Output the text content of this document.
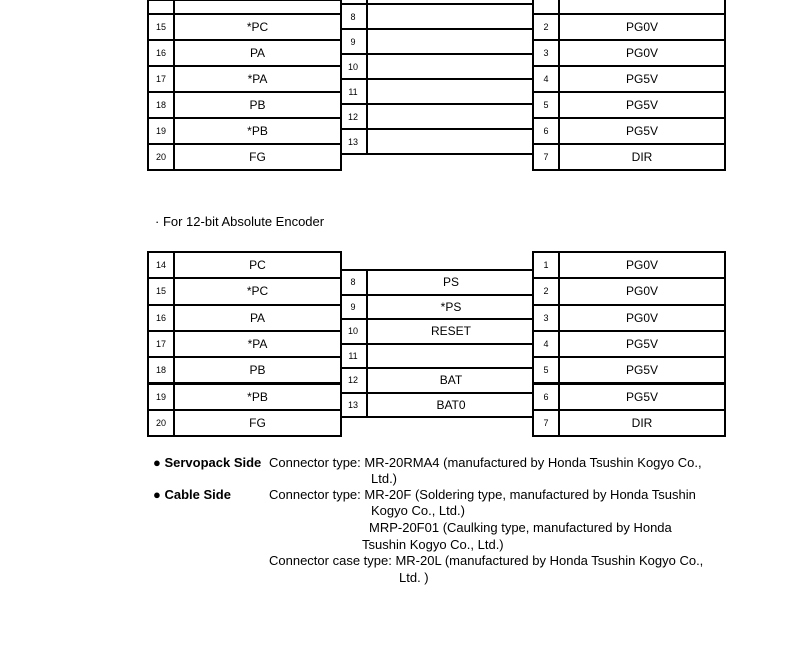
15	*PC
16	PA
17	*PA
18	PB
19	*PB
20	FG
8
9
10
11
12
13
2	PG0V
3	PG0V
4	PG5V
5	PG5V
6	PG5V
7	DIR
· For 12-bit Absolute Encoder
14	PC
15	*PC
16	PA
17	*PA
18	PB
19	*PB
20	FG
8	PS
9	*PS
10	RESET
11
12	BAT
13	BAT0
1	PG0V
2	PG0V
3	PG0V
4	PG5V
5	PG5V
6	PG5V
7	DIR
● Servopack Side Connector type: MR-20RMA4 (manufactured by Honda Tsushin Kogyo Co.,
Ltd.)
● Cable Side	Connector type: MR-20F (Soldering type, manufactured by Honda Tsushin
Kogyo Co., Ltd.)
MRP-20F01 (Caulking type, manufactured by Honda
Tsushin Kogyo Co., Ltd.)
Connector case type: MR-20L (manufactured by Honda Tsushin Kogyo Co.,
Ltd. )
